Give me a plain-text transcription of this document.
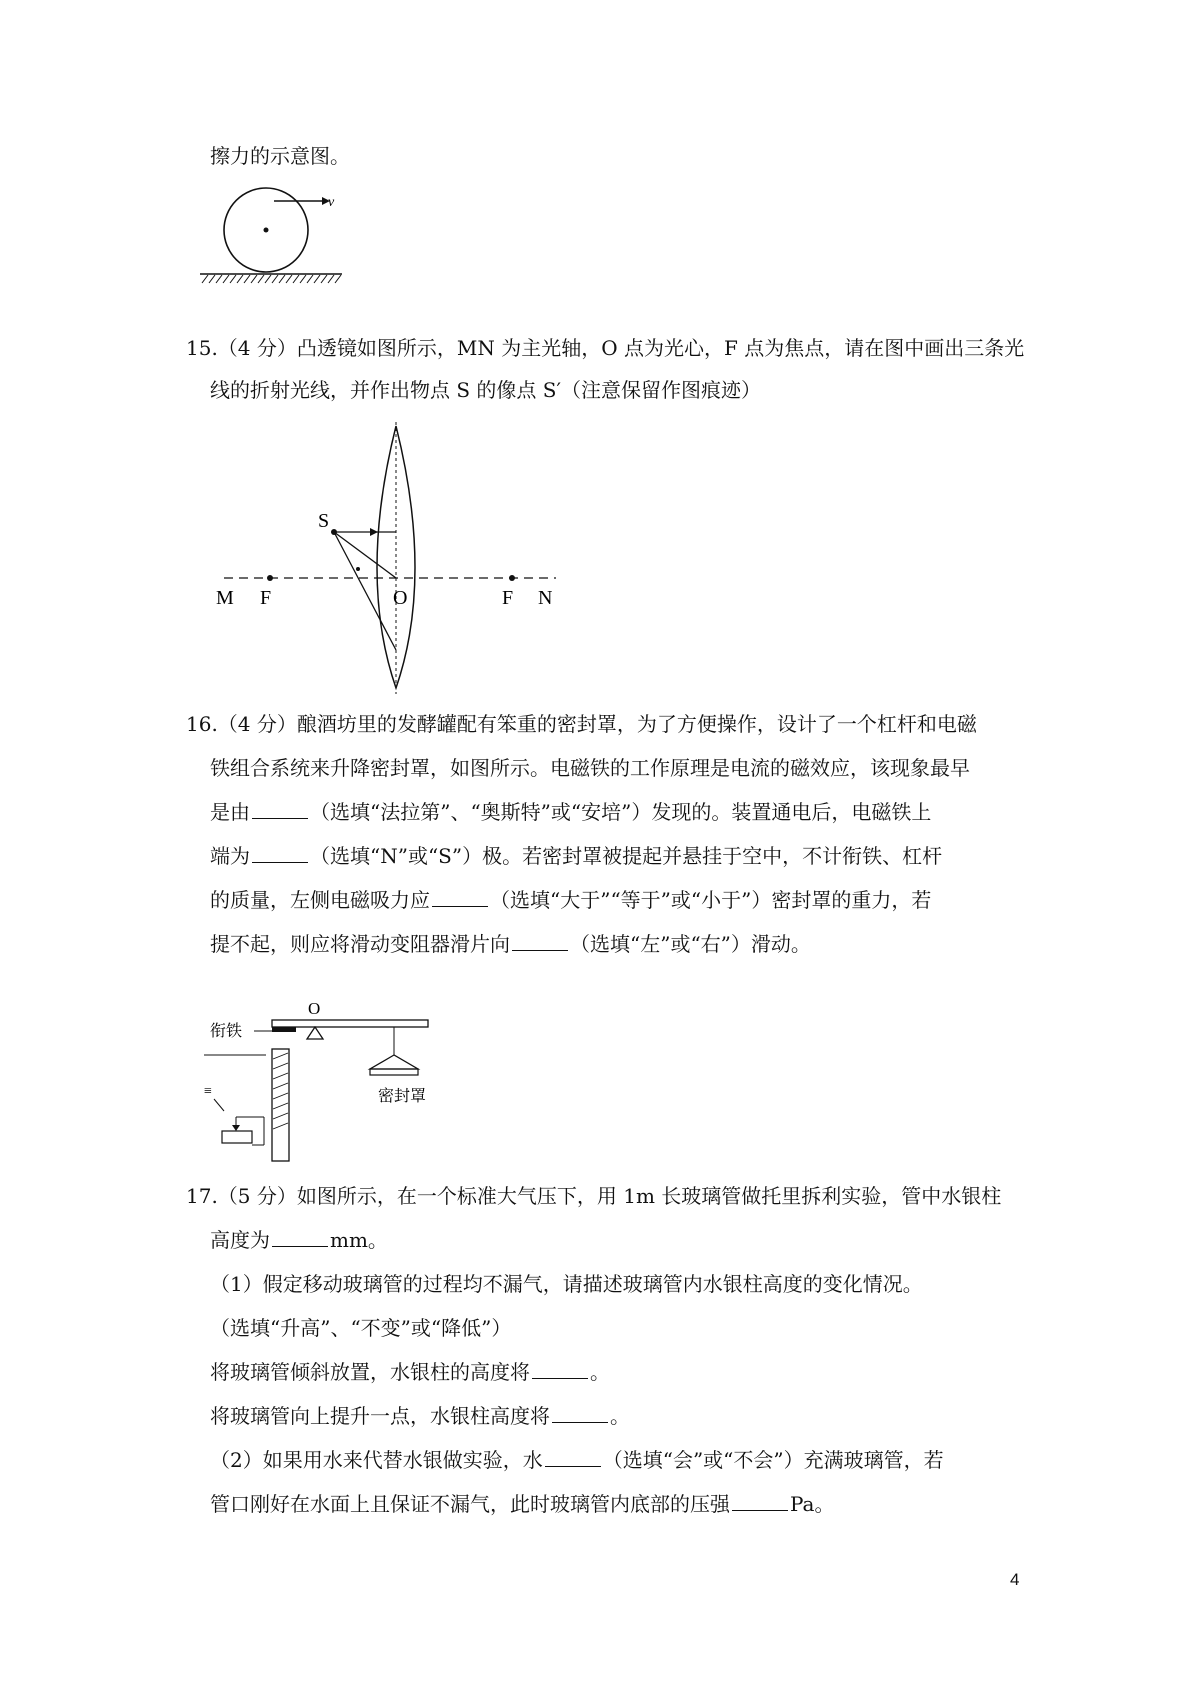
擦力的示意图。
v
15.（4 分）凸透镜如图所示，MN 为主光轴，O 点为光心，F 点为焦点，请在图中画出三条光
线的折射光线，并作出物点 S 的像点 S′（注意保留作图痕迹）
S
M F	O	F N
16.（4 分）酿酒坊里的发酵罐配有笨重的密封罩，为了方便操作，设计了一个杠杆和电磁
铁组合系统来升降密封罩，如图所示。电磁铁的工作原理是电流的磁效应，该现象最早
是由	（选填“法拉第”、“奥斯特”或“安培”）发现的。装置通电后，电磁铁上
端为	（选填“N”或“S”）极。若密封罩被提起并悬挂于空中，不计衔铁、杠杆
的质量，左侧电磁吸力应	（选填“大于”“等于”或“小于”）密封罩的重力，若
提不起，则应将滑动变阻器滑片向	（选填“左”或“右”）滑动。
O
衔铁
密封罩
≡
17.（5 分）如图所示，在一个标准大气压下，用 1m 长玻璃管做托里拆利实验，管中水银柱
高度为	mm。
（1）假定移动玻璃管的过程均不漏气，请描述玻璃管内水银柱高度的变化情况。
（选填“升高”、“不变”或“降低”）
将玻璃管倾斜放置，水银柱的高度将	。
将玻璃管向上提升一点，水银柱高度将	。
（2）如果用水来代替水银做实验，水	（选填“会”或“不会”）充满玻璃管，若
管口刚好在水面上且保证不漏气，此时玻璃管内底部的压强	Pa。
4
